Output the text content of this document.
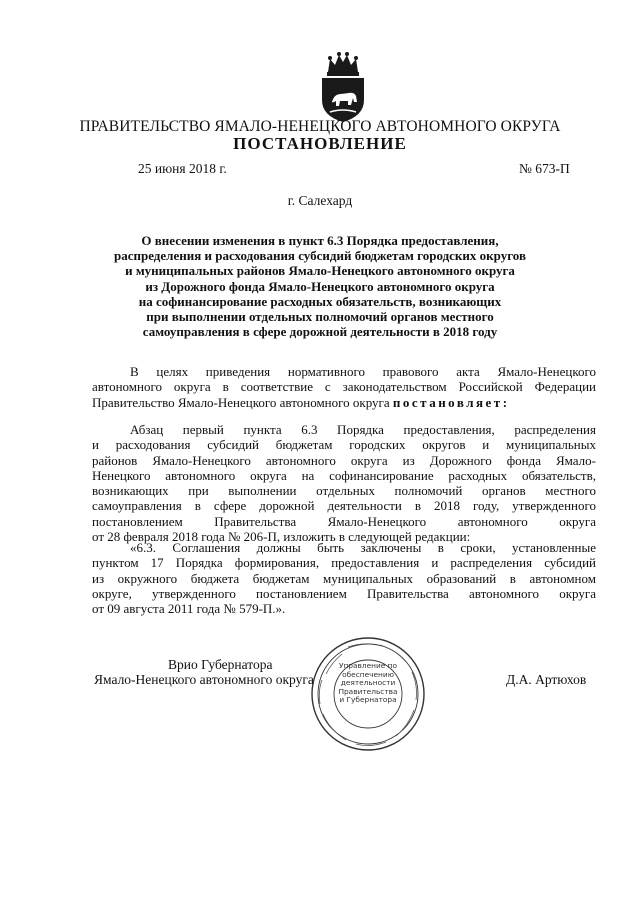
ПРАВИТЕЛЬСТВО ЯМАЛО-НЕНЕЦКОГО АВТОНОМНОГО ОКРУГА
ПОСТАНОВЛЕНИЕ
25 июня 2018 г.	№ 673-П
г. Салехард
О внесении изменения в пункт 6.3 Порядка предоставления,
распределения и расходования субсидий бюджетам городских округов
и муниципальных районов Ямало-Ненецкого автономного округа
из Дорожного фонда Ямало-Ненецкого автономного округа
на софинансирование расходных обязательств, возникающих
при выполнении отдельных полномочий органов местного
самоуправления в сфере дорожной деятельности в 2018 году
В целях приведения нормативного правового акта Ямало-Ненецкого
автономного округа в соответствие с законодательством Российской Федерации
Правительство Ямало-Ненецкого автономного округа постановляет:
Абзац первый пункта 6.3 Порядка предоставления, распределения
и расходования субсидий бюджетам городских округов и муниципальных
районов Ямало-Ненецкого автономного округа из Дорожного фонда Ямало-
Ненецкого автономного округа на софинансирование расходных обязательств,
возникающих при выполнении отдельных полномочий органов местного
самоуправления в сфере дорожной деятельности в 2018 году, утвержденного
постановлением Правительства Ямало-Ненецкого автономного округа
от 28 февраля 2018 года № 206-П, изложить в следующей редакции:
«6.3. Соглашения должны быть заключены в сроки, установленные
пунктом 17 Порядка формирования, предоставления и распределения субсидий
из окружного бюджета бюджетам муниципальных образований в автономном
округе, утвержденного постановлением Правительства автономного округа
от 09 августа 2011 года № 579-П.».
Управление по
обеспечению
деятельности
Правительства
и Губернатора
Врио Губернатора
Ямало-Ненецкого автономного округа	Д.А. Артюхов
